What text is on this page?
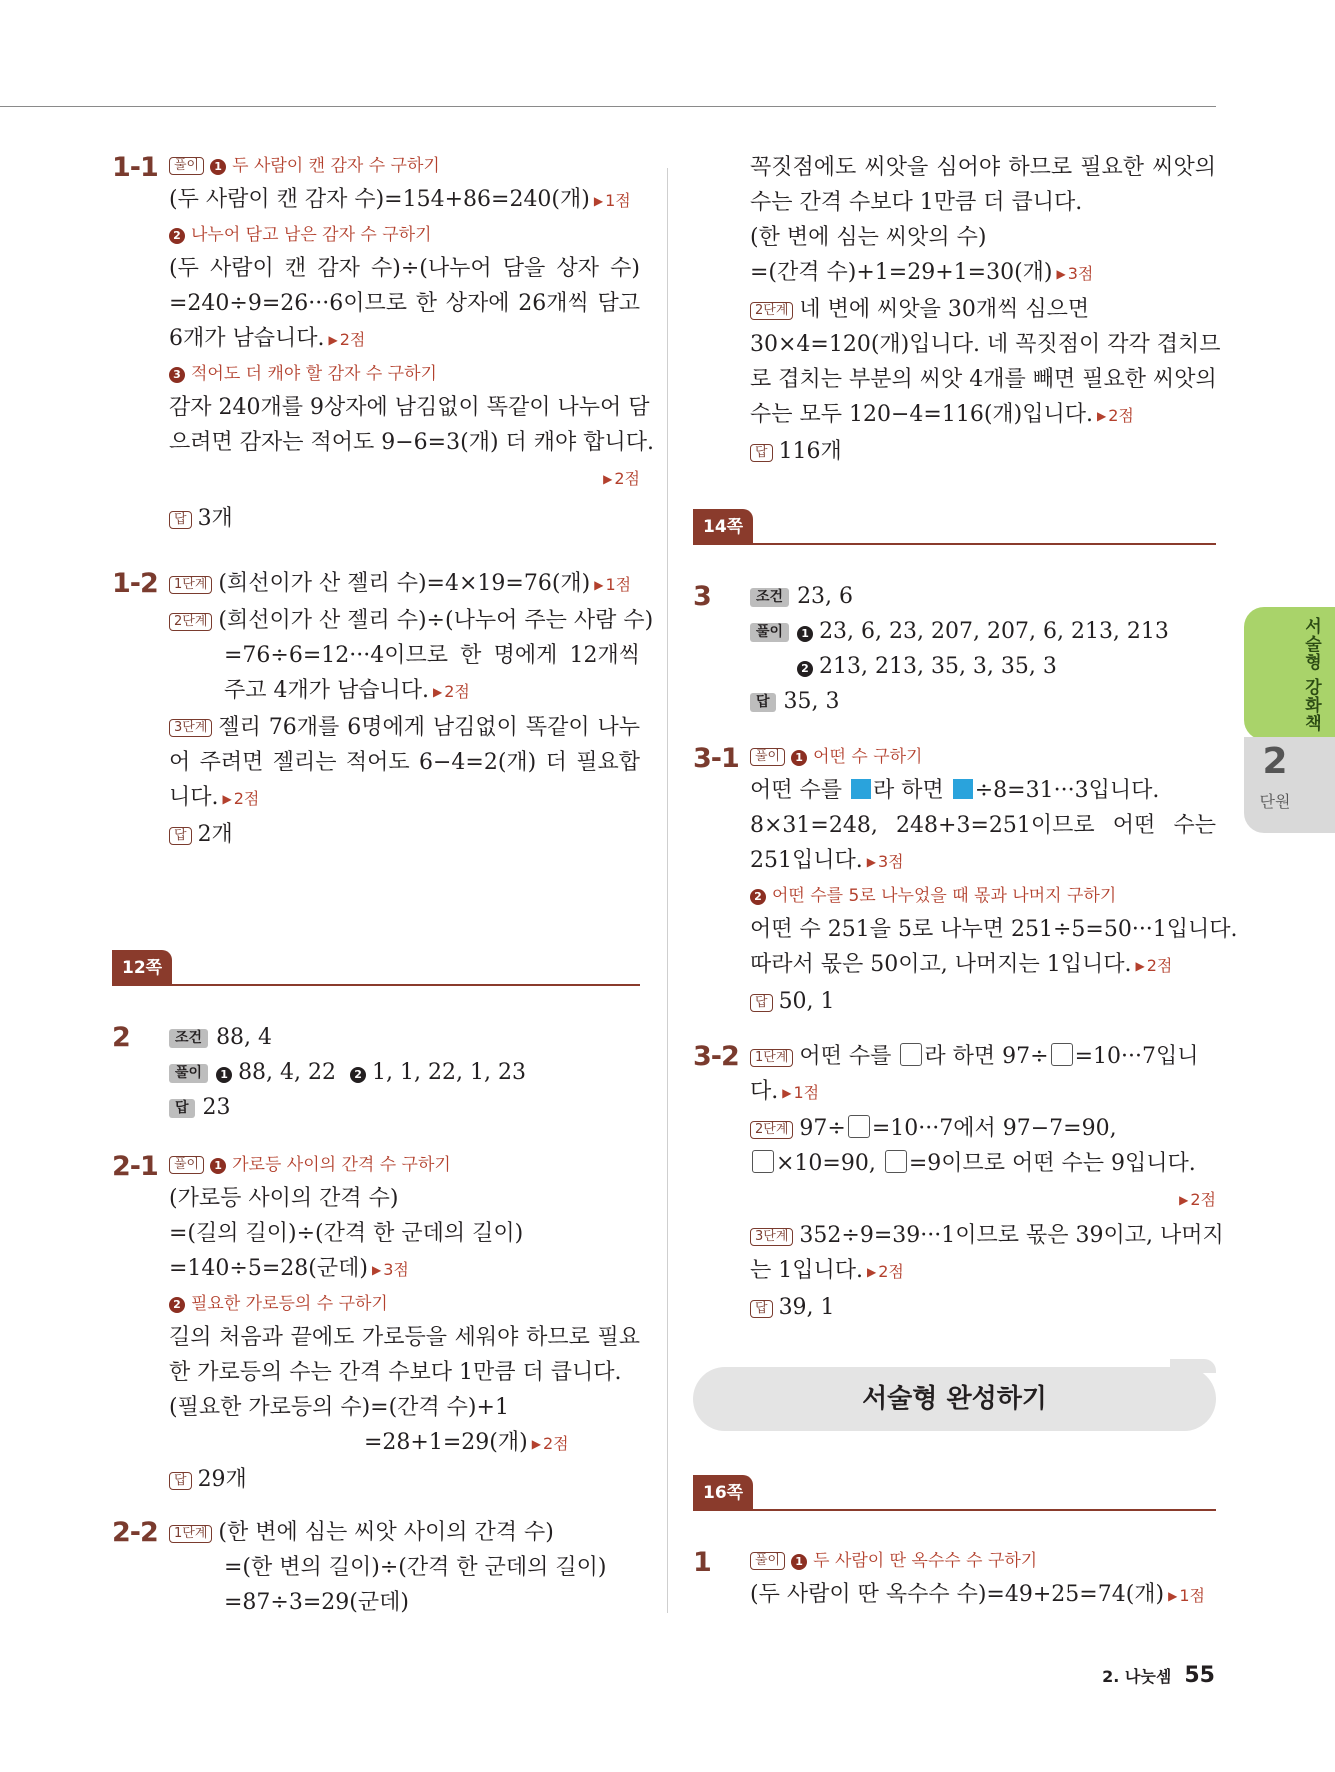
1-1	풀이 1 두 사람이 캔 감자 수 구하기
(두 사람이 캔 감자 수)=154+86=240(개) ▶ 1점
2 나누어 담고 남은 감자 수 구하기
(두 사람이 캔 감자 수)÷(나누어 담을 상자 수)
=240÷9=26···6이므로 한 상자에 26개씩 담고
6개가 남습니다. ▶ 2점
3 적어도 더 캐야 할 감자 수 구하기
감자 240개를 9상자에 남김없이 똑같이 나누어 담
으려면 감자는 적어도 9−6=3(개) 더 캐야 합니다.
▶ 2점
답 3개
1-2	1단계 (희선이가 산 젤리 수)=4×19=76(개) ▶ 1점
2단계 (희선이가 산 젤리 수)÷(나누어 주는 사람 수)
=76÷6=12···4이므로 한 명에게 12개씩
주고 4개가 남습니다. ▶ 2점
3단계 젤리 76개를 6명에게 남김없이 똑같이 나누
어 주려면 젤리는 적어도 6−4=2(개) 더 필요합
니다. ▶ 2점
답 2개
12쪽
2	조건 88, 4
풀이 1 88, 4, 22 2 1, 1, 22, 1, 23
답 23
2-1	풀이 1 가로등 사이의 간격 수 구하기
(가로등 사이의 간격 수)
=(길의 길이)÷(간격 한 군데의 길이)
=140÷5=28(군데) ▶ 3점
2 필요한 가로등의 수 구하기
길의 처음과 끝에도 가로등을 세워야 하므로 필요
한 가로등의 수는 간격 수보다 1만큼 더 큽니다.
(필요한 가로등의 수)=(간격 수)+1
=28+1=29(개) ▶ 2점
답 29개
2-2	1단계 (한 변에 심는 씨앗 사이의 간격 수)
=(한 변의 길이)÷(간격 한 군데의 길이)
=87÷3=29(군데)
꼭짓점에도 씨앗을 심어야 하므로 필요한 씨앗의
수는 간격 수보다 1만큼 더 큽니다.
(한 변에 심는 씨앗의 수)
=(간격 수)+1=29+1=30(개) ▶ 3점
2단계 네 변에 씨앗을 30개씩 심으면
30×4=120(개)입니다. 네 꼭짓점이 각각 겹치므
로 겹치는 부분의 씨앗 4개를 빼면 필요한 씨앗의
수는 모두 120−4=116(개)입니다. ▶ 2점
답 116개
14쪽
3	조건 23, 6
풀이 1 23, 6, 23, 207, 207, 6, 213, 213
2 213, 213, 35, 3, 35, 3
답 35, 3
3-1	풀이 1 어떤 수 구하기
어떤 수를 라 하면 ÷8=31···3입니다.
8×31=248, 248+3=251이므로 어떤 수는
251입니다. ▶ 3점
2 어떤 수를 5로 나누었을 때 몫과 나머지 구하기
어떤 수 251을 5로 나누면 251÷5=50···1입니다.
따라서 몫은 50이고, 나머지는 1입니다. ▶ 2점
답 50, 1
3-2	1단계 어떤 수를 라 하면 97÷ =10···7입니
다. ▶ 1점
2단계 97÷ =10···7에서 97−7=90,
×10=90, =9이므로 어떤 수는 9입니다.
▶ 2점
3단계 352÷9=39···1이므로 몫은 39이고, 나머지
는 1입니다. ▶ 2점
답 39, 1
서술형 완성하기
16쪽
1	풀이 1 두 사람이 딴 옥수수 수 구하기
(두 사람이 딴 옥수수 수)=49+25=74(개) ▶ 1점
서술형 강화책
2
단원
2. 나눗셈 55
